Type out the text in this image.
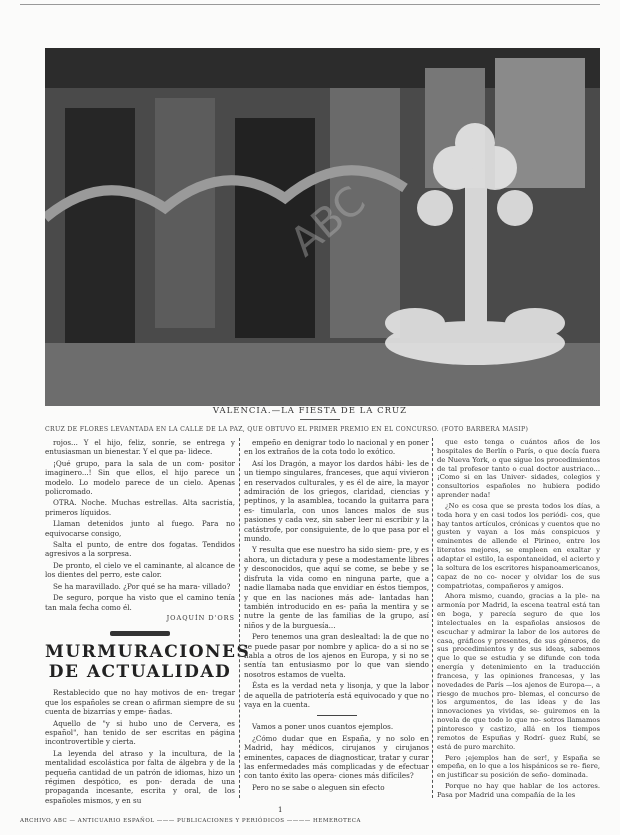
ABC
VALENCIA.—LA FIESTA DE LA CRUZ
CRUZ DE FLORES LEVANTADA EN LA CALLE DE LA PAZ, QUE OBTUVO EL PRIMER PREMIO EN EL CONCURSO. (FOTO BARBERÁ MASIP)

rojos... Y el hijo, feliz, sonríe, se entrega y entusiasman un bienestar. Y el que pa- lidece.

¡Qué grupo, para la sala de un com- positor imaginero...! Sin que ellos, el hijo parece un modelo. Lo modelo parece de un cielo. Apenas policromado.

OTRA. Noche. Muchas estrellas. Alta sacristía, primeros líquidos.

Llaman detenidos junto al fuego. Para no equivocarse consigo,

Salta el punto, de entre dos fogatas. Tendidos agresivos a la sorpresa.

De pronto, el cielo ve el caminante, al alcance de los dientes del perro, este calor.

Se ha maravillado. ¿Por qué se ha mara- villado?

De seguro, porque ha visto que el camino tenía tan mala fecha como él.

JOAQUÍN D'ORS
MURMURACIONES DE ACTUALIDAD

Restablecido que no hay motivos de en- tregar que los españoles se crean o afirman siempre de su cuenta de bizarrías y empe- ñadas.

Aquello de "y si hubo uno de Cervera, es español", han tenido de ser escritas en página incontrovertible y cierta.

La leyenda del atraso y la incultura, de la mentalidad escolástica por falta de álgebra y de la pequeña cantidad de un patrón de idiomas, hizo un régimen despótico, es pon- derada de una propaganda incesante, escrita y oral, de los españoles mismos, y en su

empeño en denigrar todo lo nacional y en poner en los extraños de la cota todo lo exótico.

Así los Dragón, a mayor los dardos hábi- les de un tiempo singulares, franceses, que aquí vivieron en reservados culturales, y es él de aire, la mayor admiración de los griegos, claridad, ciencias y peptinos, y la asamblea, tocando la guitarra para es- timularla, con unos lances malos de sus pasiones y cada vez, sin saber leer ni escribir y la catástrofe, por consiguiente, de lo que pasa por el mundo.

Y resulta que ese nuestro ha sido siem- pre, y es ahora, un dictadura y pese a modestamente libres y desconocidos, que aquí se come, se bebe y se disfruta la vida como en ninguna parte, que a nadie llamaba nada que envidiar en éstos tiempos, y que en las naciones más ade- lantadas han también introducido en es- paña la mentira y se nutre la gente de las familias de la grupo, así niños y de la burguesía...

Pero tenemos una gran deslealtad: la de que no se puede pasar por nombre y aplica- do a si no se habla a otros de los ajenos en Europa, y si no se sentía tan entusiasmo por lo que van siendo nosotros estamos de vuelta.

Ésta es la verdad neta y lisonja, y que la labor de aquella de patriotería está equivocado y que no vaya en la cuenta.

Vamos a poner unos cuantos ejemplos.

¿Cómo dudar que en España, y no solo en Madrid, hay médicos, cirujanos y cirujanos eminentes, capaces de diagnosticar, tratar y curar las enfermedades más complicadas y de efectuar con tanto éxito las opera- ciones más difíciles?

Pero no se sabe o aleguen sin efecto

que esto tenga o cuántos años de los hospitales de Berlín o París, o que decía fuera de Nueva York, o que sigue los procedimientos de tal profesor tanto o cual doctor austriaco... ¡Como si en las Univer- sidades, colegios y consultorios españoles no hubiera podido aprender nada!

¿No es cosa que se presta todos los días, a toda hora y en casi todos los periódi- cos, que hay tantos artículos, crónicas y cuentos que no gusten y vayan a los más conspicuos y eminentes de allende el Pirineo, entre los literatos mejores, se empleen en exaltar y adaptar el estilo, la espontaneidad, el acierto y la soltura de los escritores hispanoamericanos, capaz de no co- nocer y olvidar los de sus compatriotas, compañeros y amigos.

Ahora mismo, cuando, gracias a la ple- na armonía por Madrid, la escena teatral está tan en boga, y parecía seguro de que los intelectuales en la españolas ansiosos de escuchar y admirar la labor de los autores de casa, gráficos y presentes, de sus géneros, de sus procedimientos y de sus ideas, sabemos que lo que se estudia y se difunde con toda energía y detenimiento en la traducción francesa, y las opiniones francesas, y las novedades de París —los ajenos de Europa—, a riesgo de muchos pro- blemas, el concurso de los argumentos, de las ideas y de las innovaciones ya vividas, se- guiremos en la novela de que todo lo que no- sotros llamamos pintoresco y castizo, allá en los tiempos remotos de Espuñas y Rodrí- guez Rubí, se está de puro marchito.

Pero ¡ejemplos han de ser!, y España se empeña, en lo que a los hispánicos se re- fiere, en justificar su posición de seño- dominada.

Porque no hay que hablar de los actores. Pasa por Madrid una compañía de la les

1
ARCHIVO ABC — ANTICUARIO ESPAÑOL ——— PUBLICACIONES Y PERIÓDICOS ———— HEMEROTECA
